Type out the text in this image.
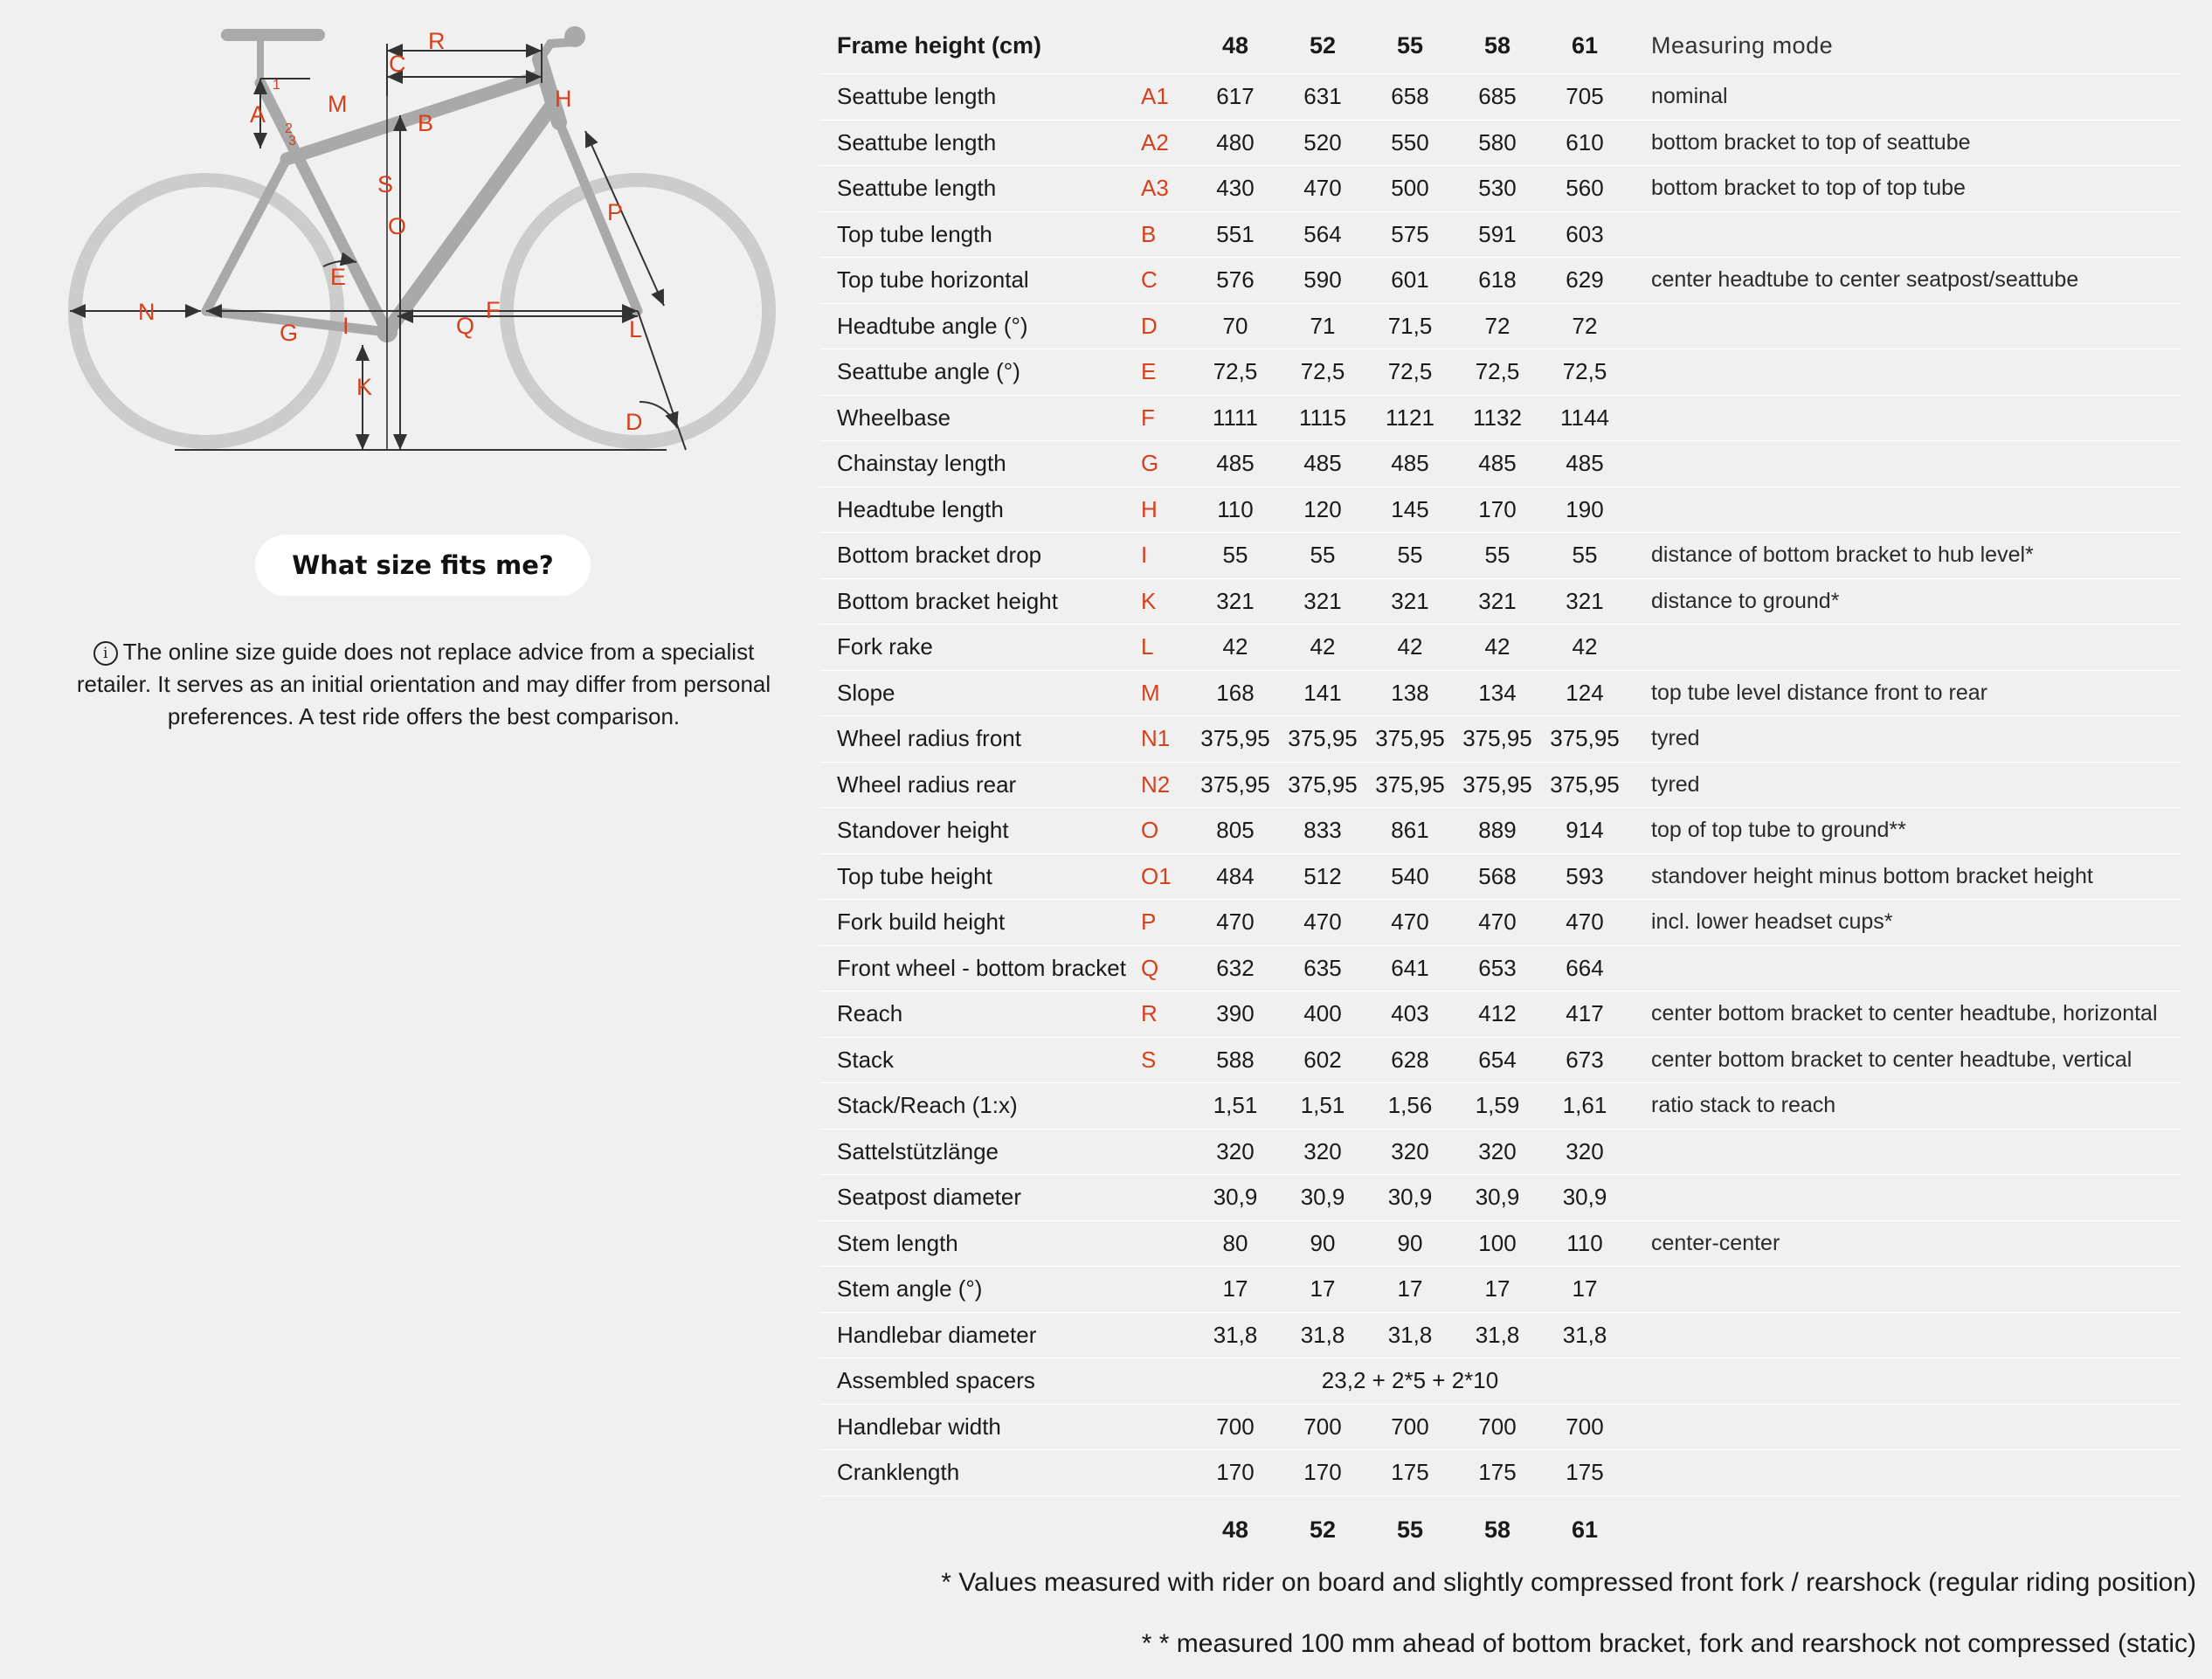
R
C
A	M	H
B
S
O
P
E
N	F
G I	Q	L
K
D
1
2
3
What size fits me?
i The online size guide does not replace advice from a specialist retailer. It serves as an initial orientation and may differ from personal preferences. A test ride offers the best comparison.
Frame height (cm)		48	52	55	58	61	Measuring mode
Seattube length	A1	617	631	658	685	705	nominal
Seattube length	A2	480	520	550	580	610	bottom bracket to top of seattube
Seattube length	A3	430	470	500	530	560	bottom bracket to top of top tube
Top tube length	B	551	564	575	591	603	
Top tube horizontal	C	576	590	601	618	629	center headtube to center seatpost/seattube
Headtube angle (°)	D	70	71	71,5	72	72	
Seattube angle (°)	E	72,5	72,5	72,5	72,5	72,5	
Wheelbase	F	1111	1115	1121	1132	1144	
Chainstay length	G	485	485	485	485	485	
Headtube length	H	110	120	145	170	190	
Bottom bracket drop	I	55	55	55	55	55	distance of bottom bracket to hub level*
Bottom bracket height	K	321	321	321	321	321	distance to ground*
Fork rake	L	42	42	42	42	42	
Slope	M	168	141	138	134	124	top tube level distance front to rear
Wheel radius front	N1	375,95	375,95	375,95	375,95	375,95	tyred
Wheel radius rear	N2	375,95	375,95	375,95	375,95	375,95	tyred
Standover height	O	805	833	861	889	914	top of top tube to ground**
Top tube height	O1	484	512	540	568	593	standover height minus bottom bracket height
Fork build height	P	470	470	470	470	470	incl. lower headset cups*
Front wheel - bottom bracket	Q	632	635	641	653	664	
Reach	R	390	400	403	412	417	center bottom bracket to center headtube, horizontal
Stack	S	588	602	628	654	673	center bottom bracket to center headtube, vertical
Stack/Reach (1:x)		1,51	1,51	1,56	1,59	1,61	ratio stack to reach
Sattelstützlänge		320	320	320	320	320	
Seatpost diameter		30,9	30,9	30,9	30,9	30,9	
Stem length		80	90	90	100	110	center-center
Stem angle (°)		17	17	17	17	17	
Handlebar diameter		31,8	31,8	31,8	31,8	31,8	
Assembled spacers		23,2 + 2*5 + 2*10					
Handlebar width		700	700	700	700	700	
Cranklength		170	170	175	175	175	
		48	52	55	58	61	
* Values measured with rider on board and slightly compressed front fork / rearshock (regular riding position)
* * measured 100 mm ahead of bottom bracket, fork and rearshock not compressed (static)
